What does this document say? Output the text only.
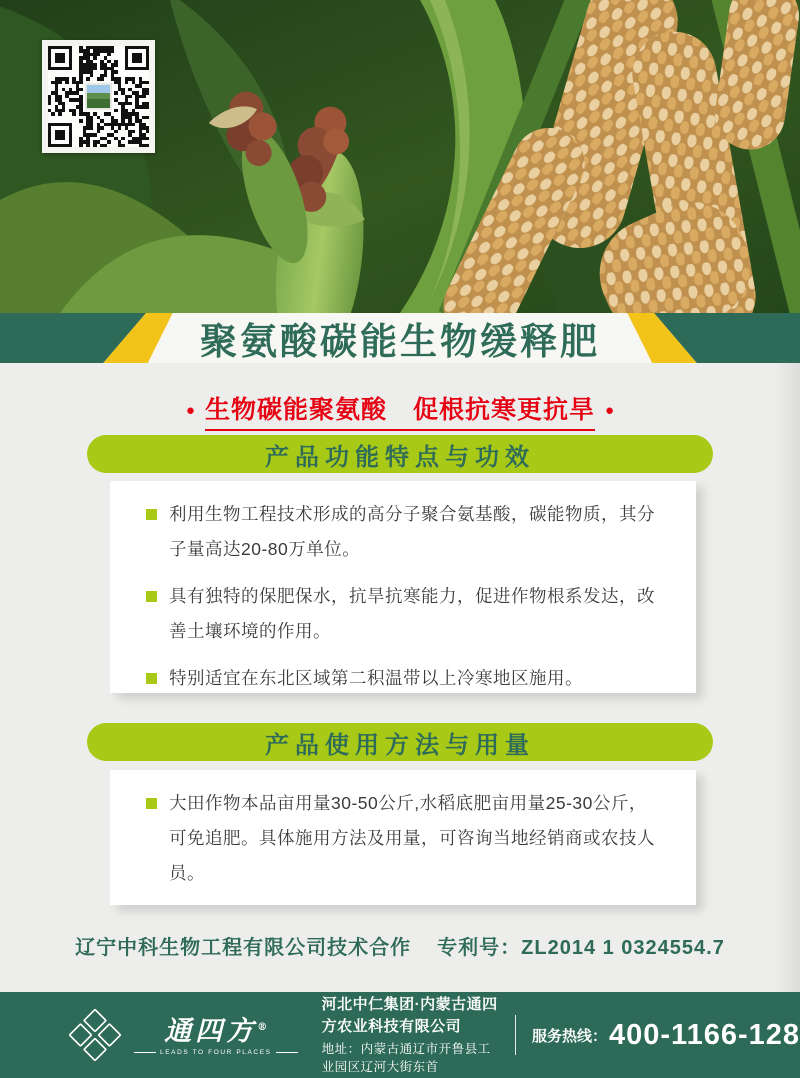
聚氨酸碳能生物缓释肥
● 生物碳能聚氨酸　促根抗寒更抗旱 ●
产品功能特点与功效
利用生物工程技术形成的高分子聚合氨基酸，碳能物质，其分子量高达20-80万单位。
具有独特的保肥保水，抗旱抗寒能力，促进作物根系发达，改善土壤环境的作用。
特别适宜在东北区域第二积温带以上冷寒地区施用。
产品使用方法与用量
大田作物本品亩用量30-50公斤,水稻底肥亩用量25-30公斤，可免追肥。具体施用方法及用量，可咨询当地经销商或农技人员。
辽宁中科生物工程有限公司技术合作 专利号：ZL2014 1 0324554.7
通四方®
LEADS TO FOUR PLACES
河北中仁集团·内蒙古通四方农业科技有限公司
地址：内蒙古通辽市开鲁县工业园区辽河大街东首
服务热线： 400-1166-128
